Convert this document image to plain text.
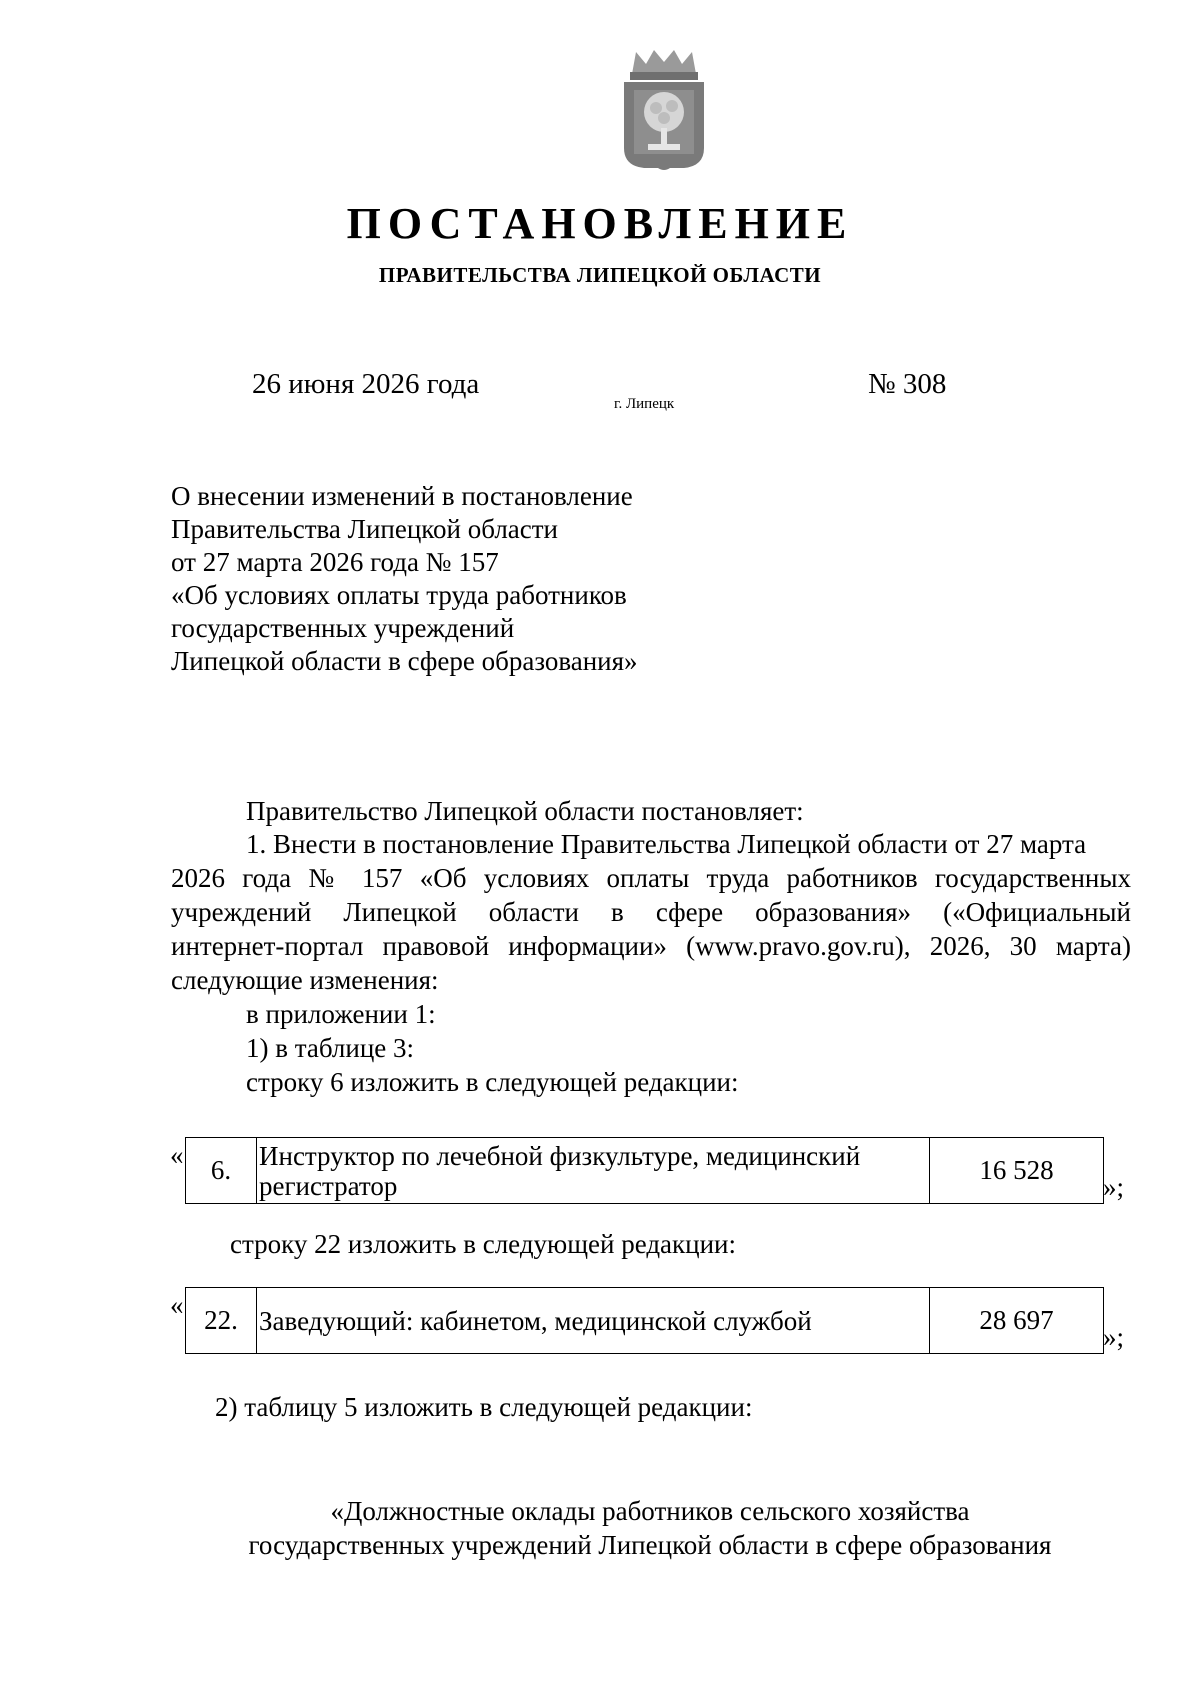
ПОСТАНОВЛЕНИЕ
ПРАВИТЕЛЬСТВА ЛИПЕЦКОЙ ОБЛАСТИ
26 июня 2026 года
г. Липецк
№ 308
О внесении изменений в постановление
Правительства Липецкой области
от 27 марта 2026 года № 157
«Об условиях оплаты труда работников
государственных учреждений
Липецкой области в сфере образования»
Правительство Липецкой области постановляет:
1. Внести в постановление Правительства Липецкой области от 27 марта
2026 года № 157 «Об условиях оплаты труда работников государственных
учреждений Липецкой области в сфере образования» («Официальный
интернет-портал правовой информации» (www.pravo.gov.ru), 2026, 30 марта)
следующие изменения:
в приложении 1:
1) в таблице 3:
строку 6 изложить в следующей редакции:
« 6.	Инструктор по лечебной физкультуре, медицинский регистратор	16 528
»;
строку 22 изложить в следующей редакции:
« 22.	Заведующий: кабинетом, медицинской службой	28 697
»;
2) таблицу 5 изложить в следующей редакции:
«Должностные оклады работников сельского хозяйства
государственных учреждений Липецкой области в сфере образования
